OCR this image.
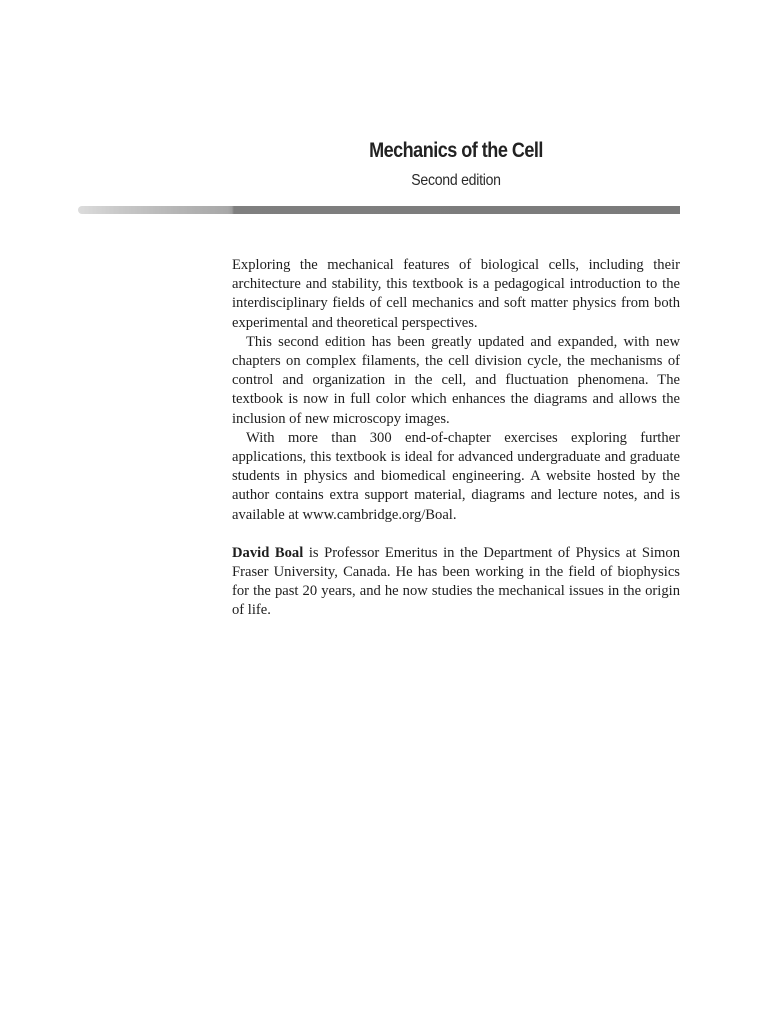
Mechanics of the Cell
Second edition

Exploring the mechanical features of biological cells, including their architecture and stability, this textbook is a pedagogical introduction to the interdisciplinary fields of cell mechanics and soft matter physics from both experimental and theoretical perspectives.

This second edition has been greatly updated and expanded, with new chapters on complex filaments, the cell division cycle, the mechanisms of control and organization in the cell, and fluctuation phenomena. The textbook is now in full color which enhances the diagrams and allows the inclusion of new microscopy images.

With more than 300 end-of-chapter exercises exploring further applications, this textbook is ideal for advanced undergraduate and graduate students in physics and biomedical engineering. A website hosted by the author contains extra support material, diagrams and lecture notes, and is available at www.cambridge.org/Boal.

David Boal is Professor Emeritus in the Department of Physics at Simon Fraser University, Canada. He has been working in the field of biophysics for the past 20 years, and he now studies the mechanical issues in the origin of life.
